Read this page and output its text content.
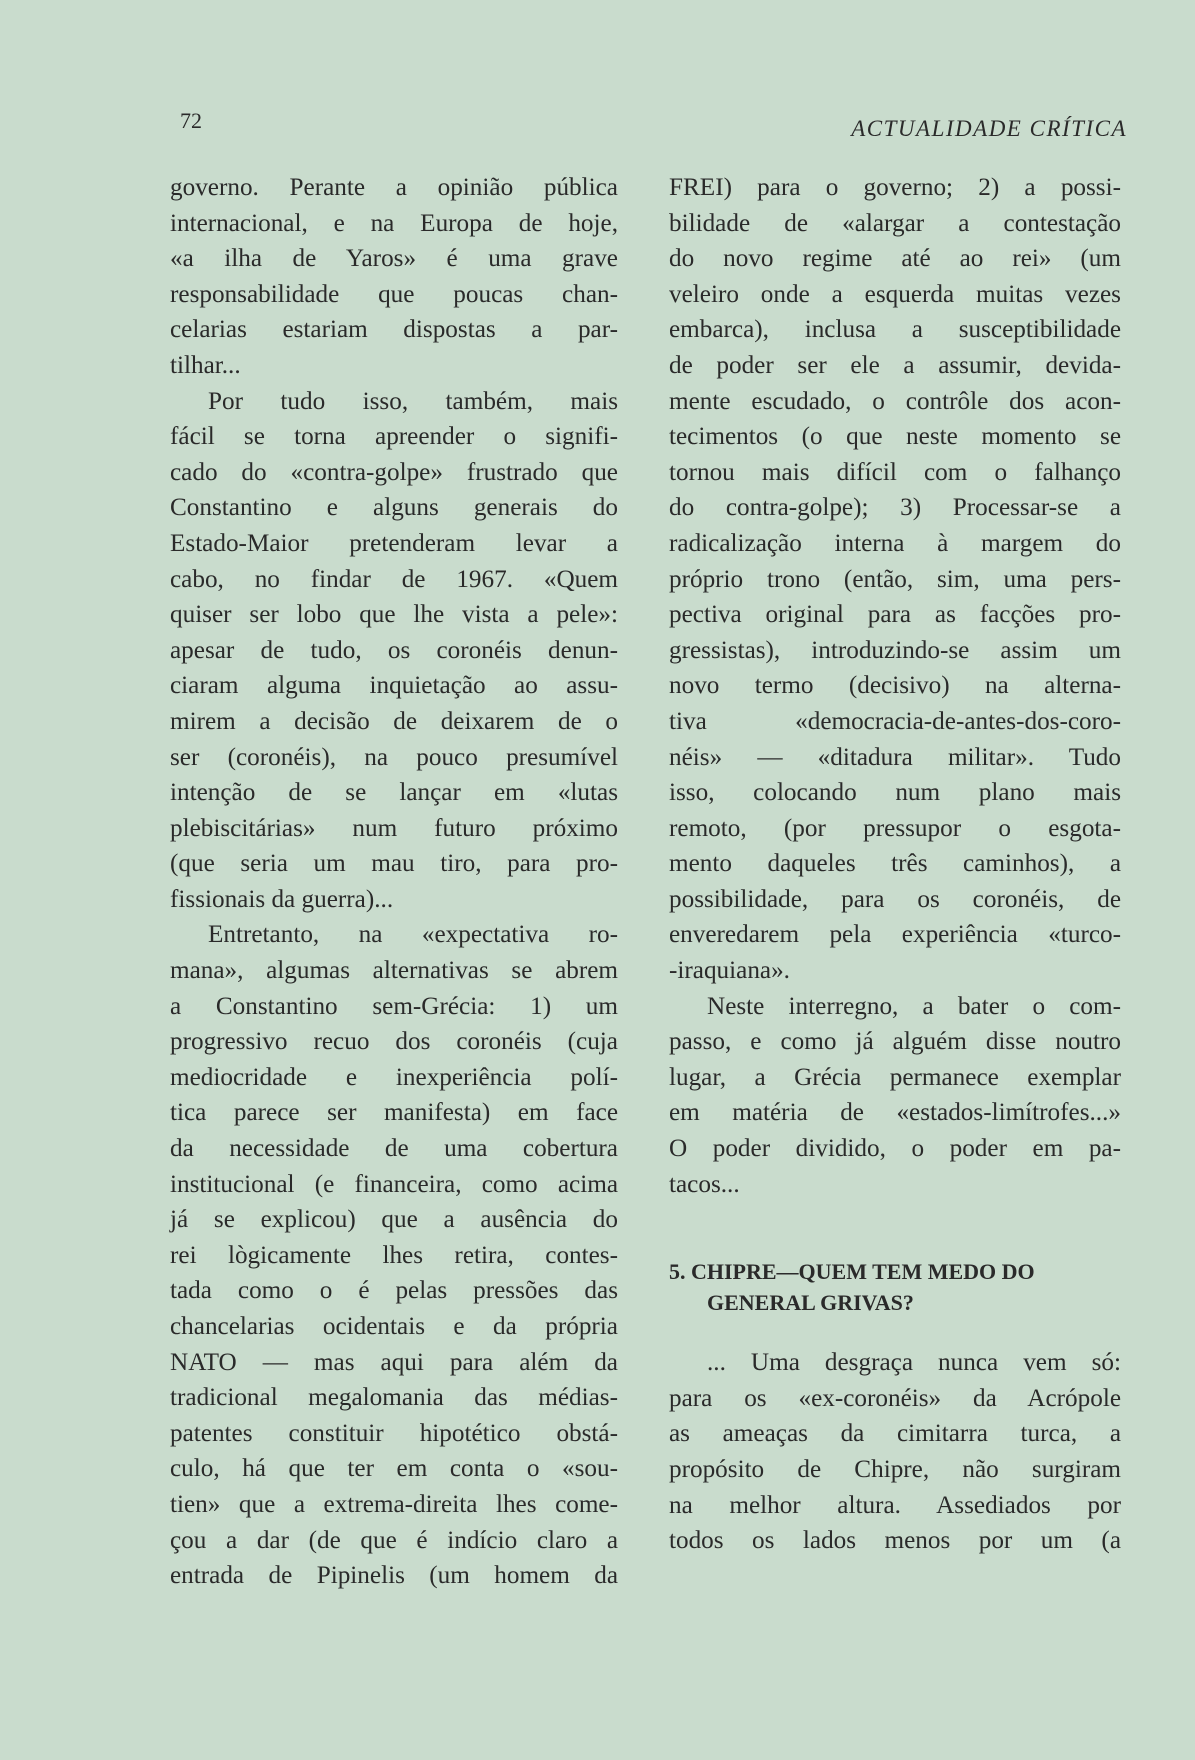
72	ACTUALIDADE CRÍTICA
governo. Perante a opinião pública
internacional, e na Europa de hoje,
«a ilha de Yaros» é uma grave
responsabilidade que poucas chan-
celarias estariam dispostas a par-
tilhar...
Por tudo isso, também, mais
fácil se torna apreender o signifi-
cado do «contra-golpe» frustrado que
Constantino e alguns generais do
Estado-Maior pretenderam levar a
cabo, no findar de 1967. «Quem
quiser ser lobo que lhe vista a pele»:
apesar de tudo, os coronéis denun-
ciaram alguma inquietação ao assu-
mirem a decisão de deixarem de o
ser (coronéis), na pouco presumível
intenção de se lançar em «lutas
plebiscitárias» num futuro próximo
(que seria um mau tiro, para pro-
fissionais da guerra)...
Entretanto, na «expectativa ro-
mana», algumas alternativas se abrem
a Constantino sem-Grécia: 1) um
progressivo recuo dos coronéis (cuja
mediocridade e inexperiência polí-
tica parece ser manifesta) em face
da necessidade de uma cobertura
institucional (e financeira, como acima
já se explicou) que a ausência do
rei lògicamente lhes retira, contes-
tada como o é pelas pressões das
chancelarias ocidentais e da própria
NATO — mas aqui para além da
tradicional megalomania das médias-
patentes constituir hipotético obstá-
culo, há que ter em conta o «sou-
tien» que a extrema-direita lhes come-
çou a dar (de que é indício claro a
entrada de Pipinelis (um homem da
FREI) para o governo; 2) a possi-
bilidade de «alargar a contestação
do novo regime até ao rei» (um
veleiro onde a esquerda muitas vezes
embarca), inclusa a susceptibilidade
de poder ser ele a assumir, devida-
mente escudado, o contrôle dos acon-
tecimentos (o que neste momento se
tornou mais difícil com o falhanço
do contra-golpe); 3) Processar-se a
radicalização interna à margem do
próprio trono (então, sim, uma pers-
pectiva original para as facções pro-
gressistas), introduzindo-se assim um
novo termo (decisivo) na alterna-
tiva «democracia-de-antes-dos-coro-
néis» — «ditadura militar». Tudo
isso, colocando num plano mais
remoto, (por pressupor o esgota-
mento daqueles três caminhos), a
possibilidade, para os coronéis, de
enveredarem pela experiência «turco-
-iraquiana».
Neste interregno, a bater o com-
passo, e como já alguém disse noutro
lugar, a Grécia permanece exemplar
em matéria de «estados-limítrofes...»
O poder dividido, o poder em pa-
tacos...
5. CHIPRE—QUEM TEM MEDO DO
GENERAL GRIVAS?
... Uma desgraça nunca vem só:
para os «ex-coronéis» da Acrópole
as ameaças da cimitarra turca, a
propósito de Chipre, não surgiram
na melhor altura. Assediados por
todos os lados menos por um (a
